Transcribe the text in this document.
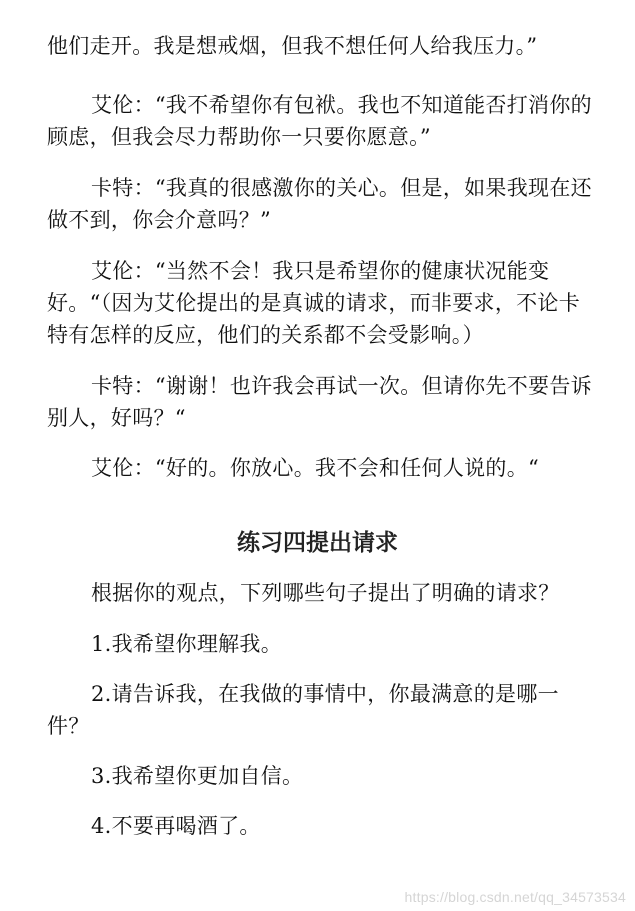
他们走开。我是想戒烟，但我不想任何人给我压力。”

艾伦：“我不希望你有包袱。我也不知道能否打消你的顾虑，但我会尽力帮助你一只要你愿意。”

卡特：“我真的很感激你的关心。但是，如果我现在还做不到，你会介意吗？”

艾伦：“当然不会！我只是希望你的健康状况能变好。“（因为艾伦提出的是真诚的请求，而非要求，不论卡特有怎样的反应，他们的关系都不会受影响。）

卡特：“谢谢！也许我会再试一次。但请你先不要告诉别人，好吗？“

艾伦：“好的。你放心。我不会和任何人说的。“

练习四提出请求

根据你的观点，下列哪些句子提出了明确的请求？

1.我希望你理解我。

2.请告诉我，在我做的事情中，你最满意的是哪一件？

3.我希望你更加自信。

4.不要再喝酒了。

https://blog.csdn.net/qq_34573534
